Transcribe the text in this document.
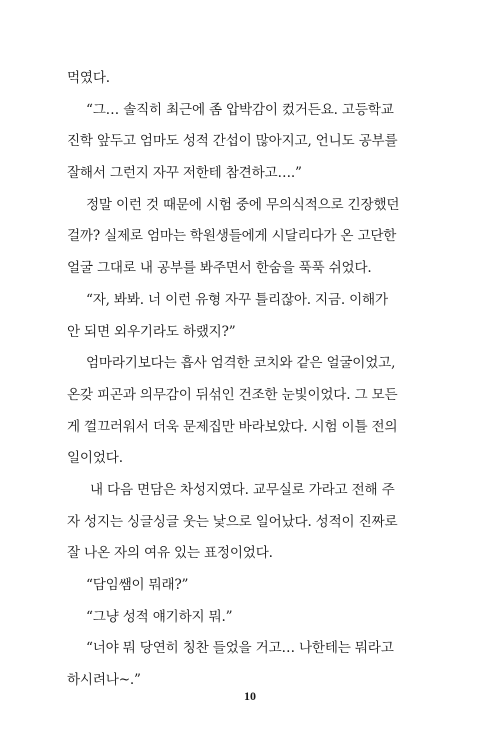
먹였다.
“그… 솔직히 최근에 좀 압박감이 컸거든요. 고등학교
진학 앞두고 엄마도 성적 간섭이 많아지고, 언니도 공부를
잘해서 그런지 자꾸 저한테 참견하고….”
정말 이런 것 때문에 시험 중에 무의식적으로 긴장했던
걸까? 실제로 엄마는 학원생들에게 시달리다가 온 고단한
얼굴 그대로 내 공부를 봐주면서 한숨을 푹푹 쉬었다.
“자, 봐봐. 너 이런 유형 자꾸 틀리잖아. 지금. 이해가
안 되면 외우기라도 하랬지?”
엄마라기보다는 흡사 엄격한 코치와 같은 얼굴이었고,
온갖 피곤과 의무감이 뒤섞인 건조한 눈빛이었다. 그 모든
게 껄끄러워서 더욱 문제집만 바라보았다. 시험 이틀 전의
일이었다.
내 다음 면담은 차성지였다. 교무실로 가라고 전해 주
자 성지는 싱글싱글 웃는 낯으로 일어났다. 성적이 진짜로
잘 나온 자의 여유 있는 표정이었다.
“담임쌤이 뭐래?”
“그냥 성적 얘기하지 뭐.”
“너야 뭐 당연히 칭찬 들었을 거고… 나한테는 뭐라고
하시려나~.”
10
